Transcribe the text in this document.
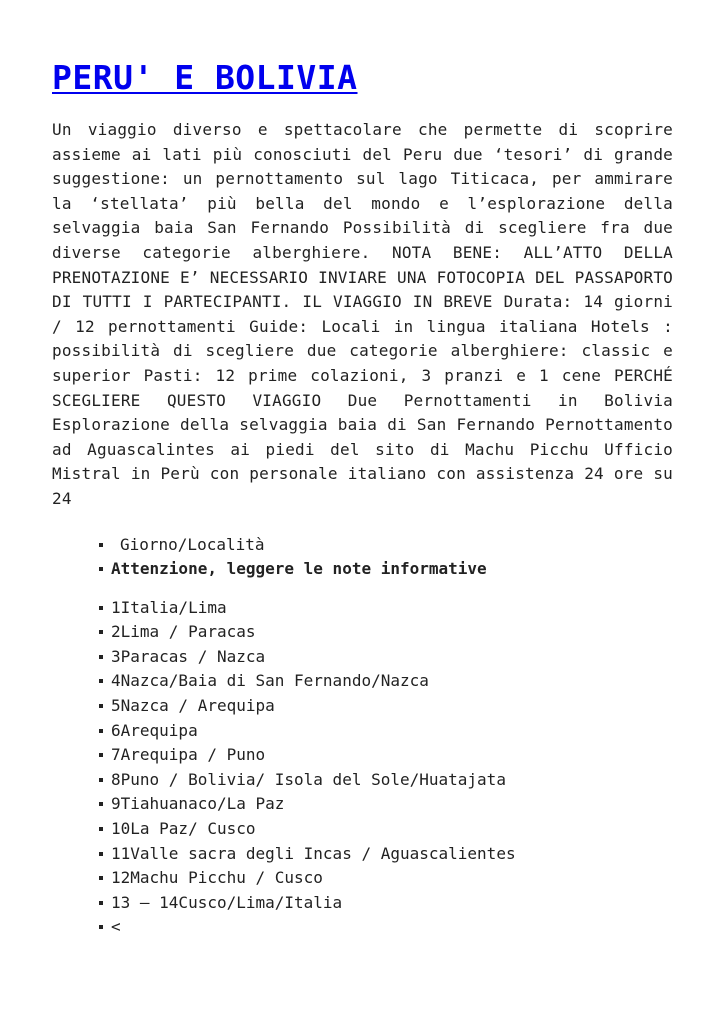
PERU' E BOLIVIA

Un viaggio diverso e spettacolare che permette di scoprire assieme ai lati più conosciuti del Peru due ‘tesori’ di grande suggestione: un pernottamento sul lago Titicaca, per ammirare la ‘stellata’ più bella del mondo e l’esplorazione della selvaggia baia San Fernando Possibilità di scegliere fra due diverse categorie alberghiere. NOTA BENE: ALL’ATTO DELLA PRENOTAZIONE E’ NECESSARIO INVIARE UNA FOTOCOPIA DEL PASSAPORTO DI TUTTI I PARTECIPANTI. IL VIAGGIO IN BREVE Durata: 14 giorni / 12 pernottamenti Guide: Locali in lingua italiana Hotels : possibilità di scegliere due categorie alberghiere: classic e superior Pasti: 12 prime colazioni, 3 pranzi e 1 cene PERCHÉ SCEGLIERE QUESTO VIAGGIO Due Pernottamenti in Bolivia Esplorazione della selvaggia baia di San Fernando Pernottamento ad Aguascalintes ai piedi del sito di Machu Picchu Ufficio Mistral in Perù con personale italiano con assistenza 24 ore su 24

Giorno/Località
Attenzione, leggere le note informative
1Italia/Lima
2Lima / Paracas
3Paracas / Nazca
4Nazca/Baia di San Fernando/Nazca
5Nazca / Arequipa
6Arequipa
7Arequipa / Puno
8Puno / Bolivia/ Isola del Sole/Huatajata
9Tiahuanaco/La Paz
10La Paz/ Cusco
11Valle sacra degli Incas / Aguascalientes
12Machu Picchu / Cusco
13 – 14Cusco/Lima/Italia
<
